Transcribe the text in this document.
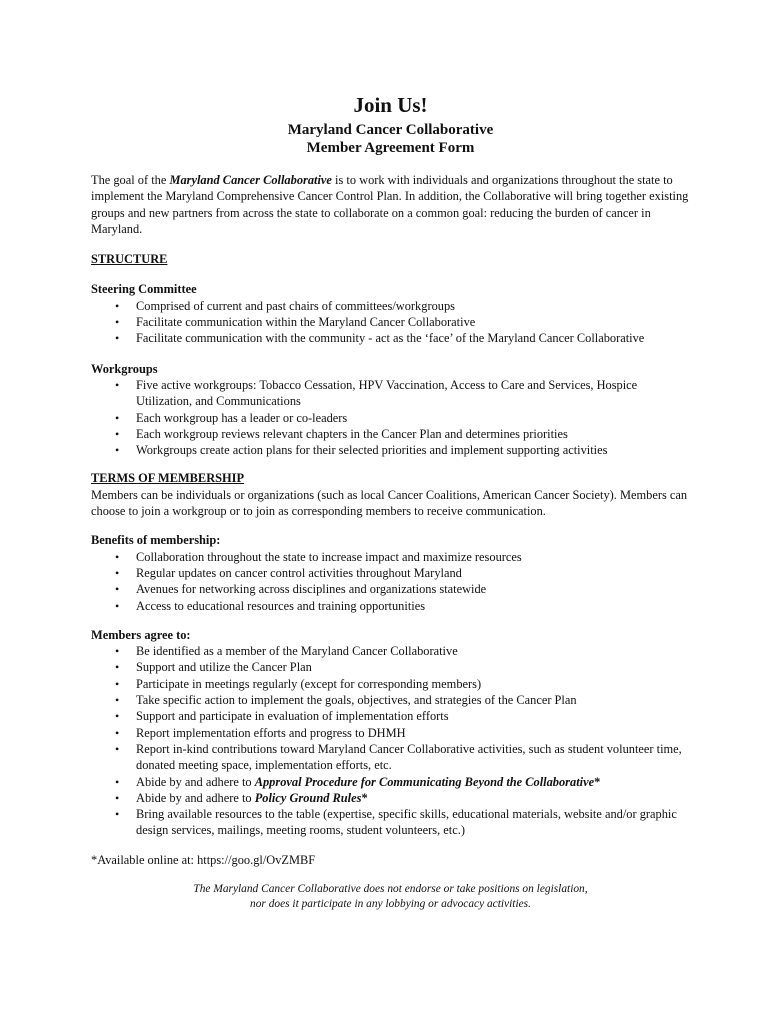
Join Us!
Maryland Cancer Collaborative
Member Agreement Form

The goal of the Maryland Cancer Collaborative is to work with individuals and organizations throughout the state to implement the Maryland Comprehensive Cancer Control Plan. In addition, the Collaborative will bring together existing groups and new partners from across the state to collaborate on a common goal: reducing the burden of cancer in Maryland.

STRUCTURE

Steering Committee

• Comprised of current and past chairs of committees/workgroups
• Facilitate communication within the Maryland Cancer Collaborative
• Facilitate communication with the community - act as the ‘face’ of the Maryland Cancer Collaborative

Workgroups

• Five active workgroups: Tobacco Cessation, HPV Vaccination, Access to Care and Services, Hospice Utilization, and Communications
• Each workgroup has a leader or co-leaders
• Each workgroup reviews relevant chapters in the Cancer Plan and determines priorities
• Workgroups create action plans for their selected priorities and implement supporting activities

TERMS OF MEMBERSHIP

Members can be individuals or organizations (such as local Cancer Coalitions, American Cancer Society). Members can choose to join a workgroup or to join as corresponding members to receive communication.

Benefits of membership:

• Collaboration throughout the state to increase impact and maximize resources
• Regular updates on cancer control activities throughout Maryland
• Avenues for networking across disciplines and organizations statewide
• Access to educational resources and training opportunities

Members agree to:

• Be identified as a member of the Maryland Cancer Collaborative
• Support and utilize the Cancer Plan
• Participate in meetings regularly (except for corresponding members)
• Take specific action to implement the goals, objectives, and strategies of the Cancer Plan
• Support and participate in evaluation of implementation efforts
• Report implementation efforts and progress to DHMH
• Report in-kind contributions toward Maryland Cancer Collaborative activities, such as student volunteer time, donated meeting space, implementation efforts, etc.
• Abide by and adhere to Approval Procedure for Communicating Beyond the Collaborative*
• Abide by and adhere to Policy Ground Rules*
• Bring available resources to the table (expertise, specific skills, educational materials, website and/or graphic design services, mailings, meeting rooms, student volunteers, etc.)

*Available online at: https://goo.gl/OvZMBF

The Maryland Cancer Collaborative does not endorse or take positions on legislation,
nor does it participate in any lobbying or advocacy activities.
